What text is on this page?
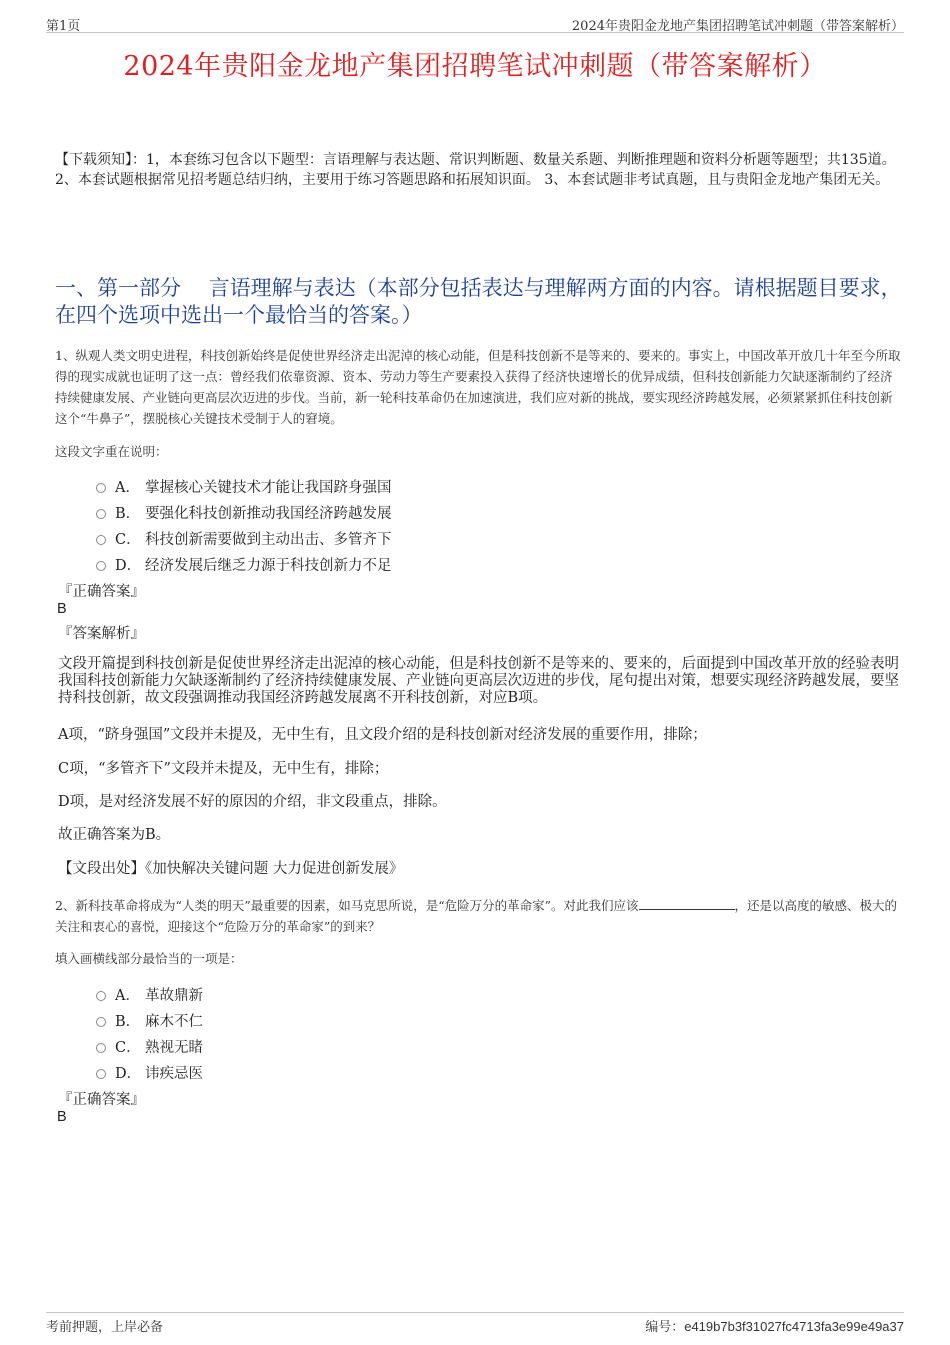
第1页	2024年贵阳金龙地产集团招聘笔试冲刺题（带答案解析）
2024年贵阳金龙地产集团招聘笔试冲刺题（带答案解析）
【下载须知】：1，本套练习包含以下题型：言语理解与表达题、常识判断题、数量关系题、判断推理题和资料分析题等题型；共135道。 2、本套试题根据常见招考题总结归纳，主要用于练习答题思路和拓展知识面。 3、本套试题非考试真题，且与贵阳金龙地产集团无关。
一、第一部分　 言语理解与表达（本部分包括表达与理解两方面的内容。请根据题目要求，在四个选项中选出一个最恰当的答案。）
1、纵观人类文明史进程，科技创新始终是促使世界经济走出泥淖的核心动能，但是科技创新不是等来的、要来的。事实上，中国改革开放几十年至今所取得的现实成就也证明了这一点：曾经我们依靠资源、资本、劳动力等生产要素投入获得了经济快速增长的优异成绩，但科技创新能力欠缺逐渐制约了经济持续健康发展、产业链向更高层次迈进的步伐。当前，新一轮科技革命仍在加速演进，我们应对新的挑战，要实现经济跨越发展，必须紧紧抓住科技创新这个“牛鼻子”，摆脱核心关键技术受制于人的窘境。
这段文字重在说明：
A． 掌握核心关键技术才能让我国跻身强国
B． 要强化科技创新推动我国经济跨越发展
C． 科技创新需要做到主动出击、多管齐下
D． 经济发展后继乏力源于科技创新力不足
『正确答案』
B
『答案解析』
文段开篇提到科技创新是促使世界经济走出泥淖的核心动能，但是科技创新不是等来的、要来的，后面提到中国改革开放的经验表明我国科技创新能力欠缺逐渐制约了经济持续健康发展、产业链向更高层次迈进的步伐，尾句提出对策，想要实现经济跨越发展，要坚持科技创新，故文段强调推动我国经济跨越发展离不开科技创新，对应B项。
A项，“跻身强国”文段并未提及，无中生有，且文段介绍的是科技创新对经济发展的重要作用，排除；
C项，“多管齐下”文段并未提及，无中生有，排除；
D项，是对经济发展不好的原因的介绍，非文段重点，排除。
故正确答案为B。
【文段出处】《加快解决关键问题 大力促进创新发展》
2、新科技革命将成为“人类的明天”最重要的因素，如马克思所说，是“危险万分的革命家”。对此我们应该	，还是以高度的敏感、极大的关注和衷心的喜悦，迎接这个“危险万分的革命家”的到来？
填入画横线部分最恰当的一项是：
A． 革故鼎新
B． 麻木不仁
C． 熟视无睹
D． 讳疾忌医
『正确答案』
B
考前押题，上岸必备	编号：e419b7b3f31027fc4713fa3e99e49a37
